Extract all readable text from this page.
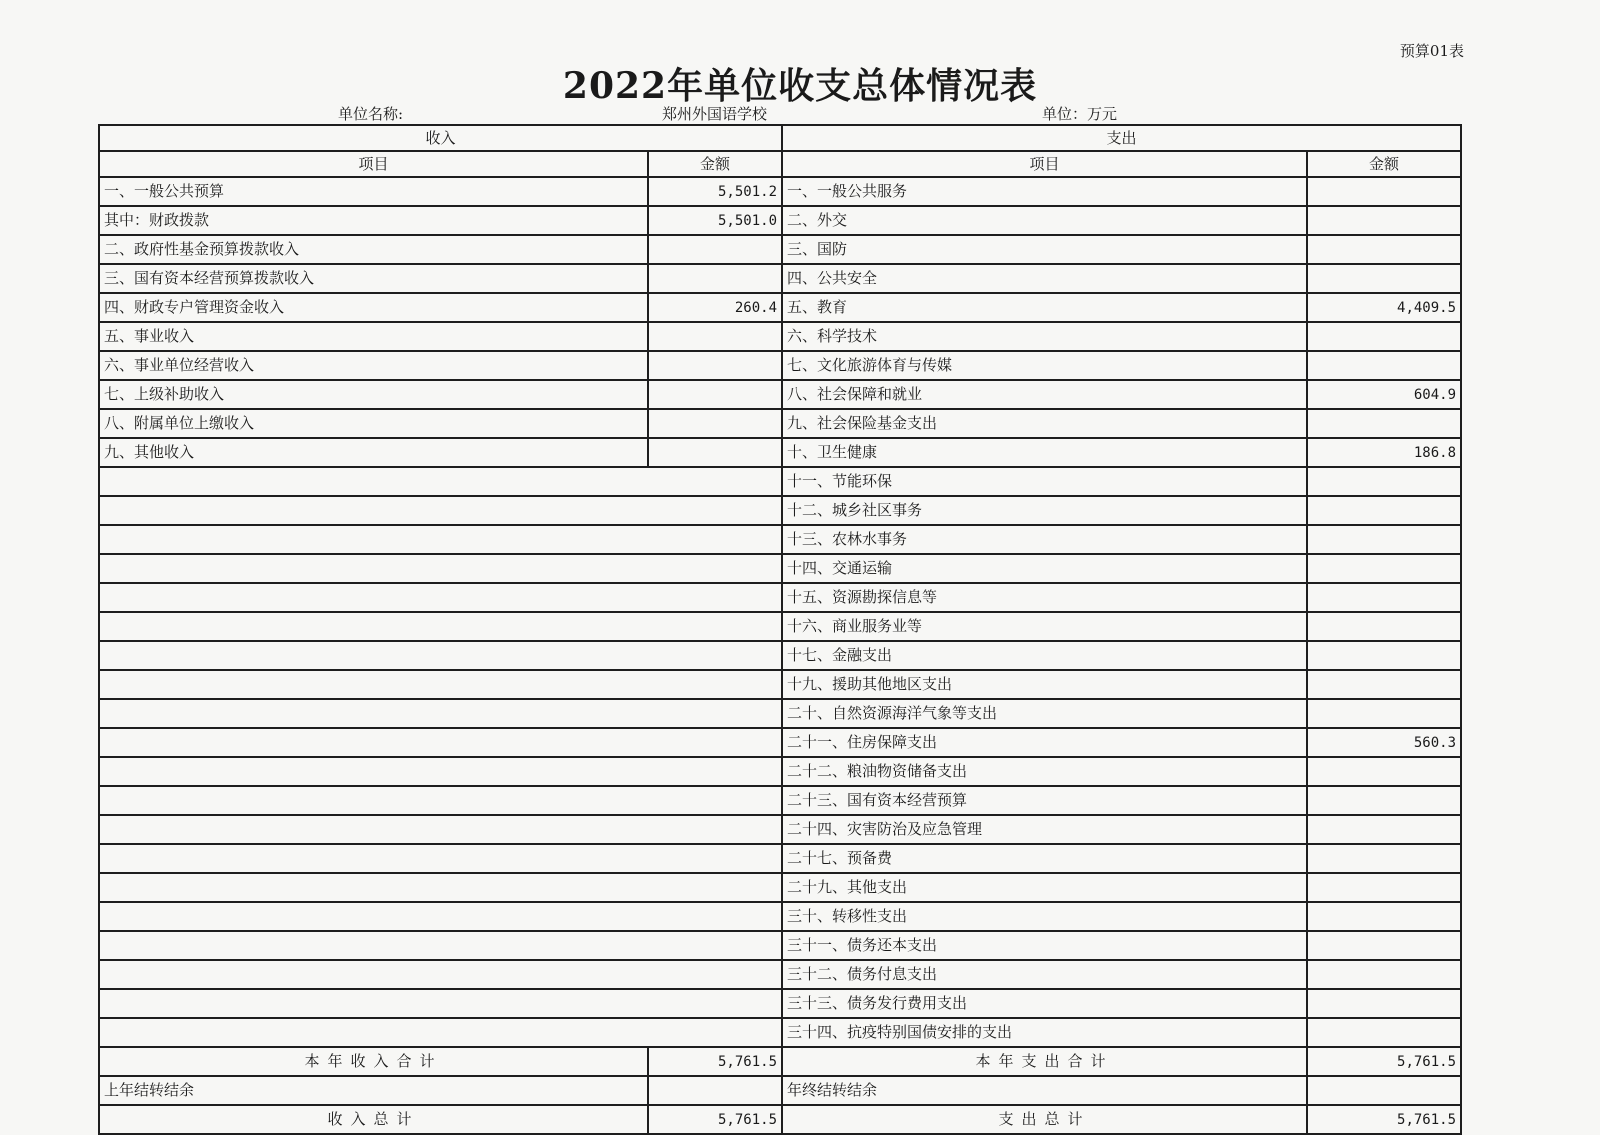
预算01表
2022年单位收支总体情况表
单位名称:	郑州外国语学校	单位：万元
收入		支出	
项目	金额	项目	金额
一、一般公共预算	5,501.2	一、一般公共服务	
其中：财政拨款	5,501.0	二、外交	
二、政府性基金预算拨款收入		三、国防	
三、国有资本经营预算拨款收入		四、公共安全	
四、财政专户管理资金收入	260.4	五、教育	4,409.5
五、事业收入		六、科学技术	
六、事业单位经营收入		七、文化旅游体育与传媒	
七、上级补助收入		八、社会保障和就业	604.9
八、附属单位上缴收入		九、社会保险基金支出	
九、其他收入		十、卫生健康	186.8
		十一、节能环保	
		十二、城乡社区事务	
		十三、农林水事务	
		十四、交通运输	
		十五、资源勘探信息等	
		十六、商业服务业等	
		十七、金融支出	
		十九、援助其他地区支出	
		二十、自然资源海洋气象等支出	
		二十一、住房保障支出	560.3
		二十二、粮油物资储备支出	
		二十三、国有资本经营预算	
		二十四、灾害防治及应急管理	
		二十七、预备费	
		二十九、其他支出	
		三十、转移性支出	
		三十一、债务还本支出	
		三十二、债务付息支出	
		三十三、债务发行费用支出	
		三十四、抗疫特别国债安排的支出	
本年收入合计	5,761.5	本年支出合计	5,761.5
上年结转结余		年终结转结余	
收入总计	5,761.5	支出总计	5,761.5
